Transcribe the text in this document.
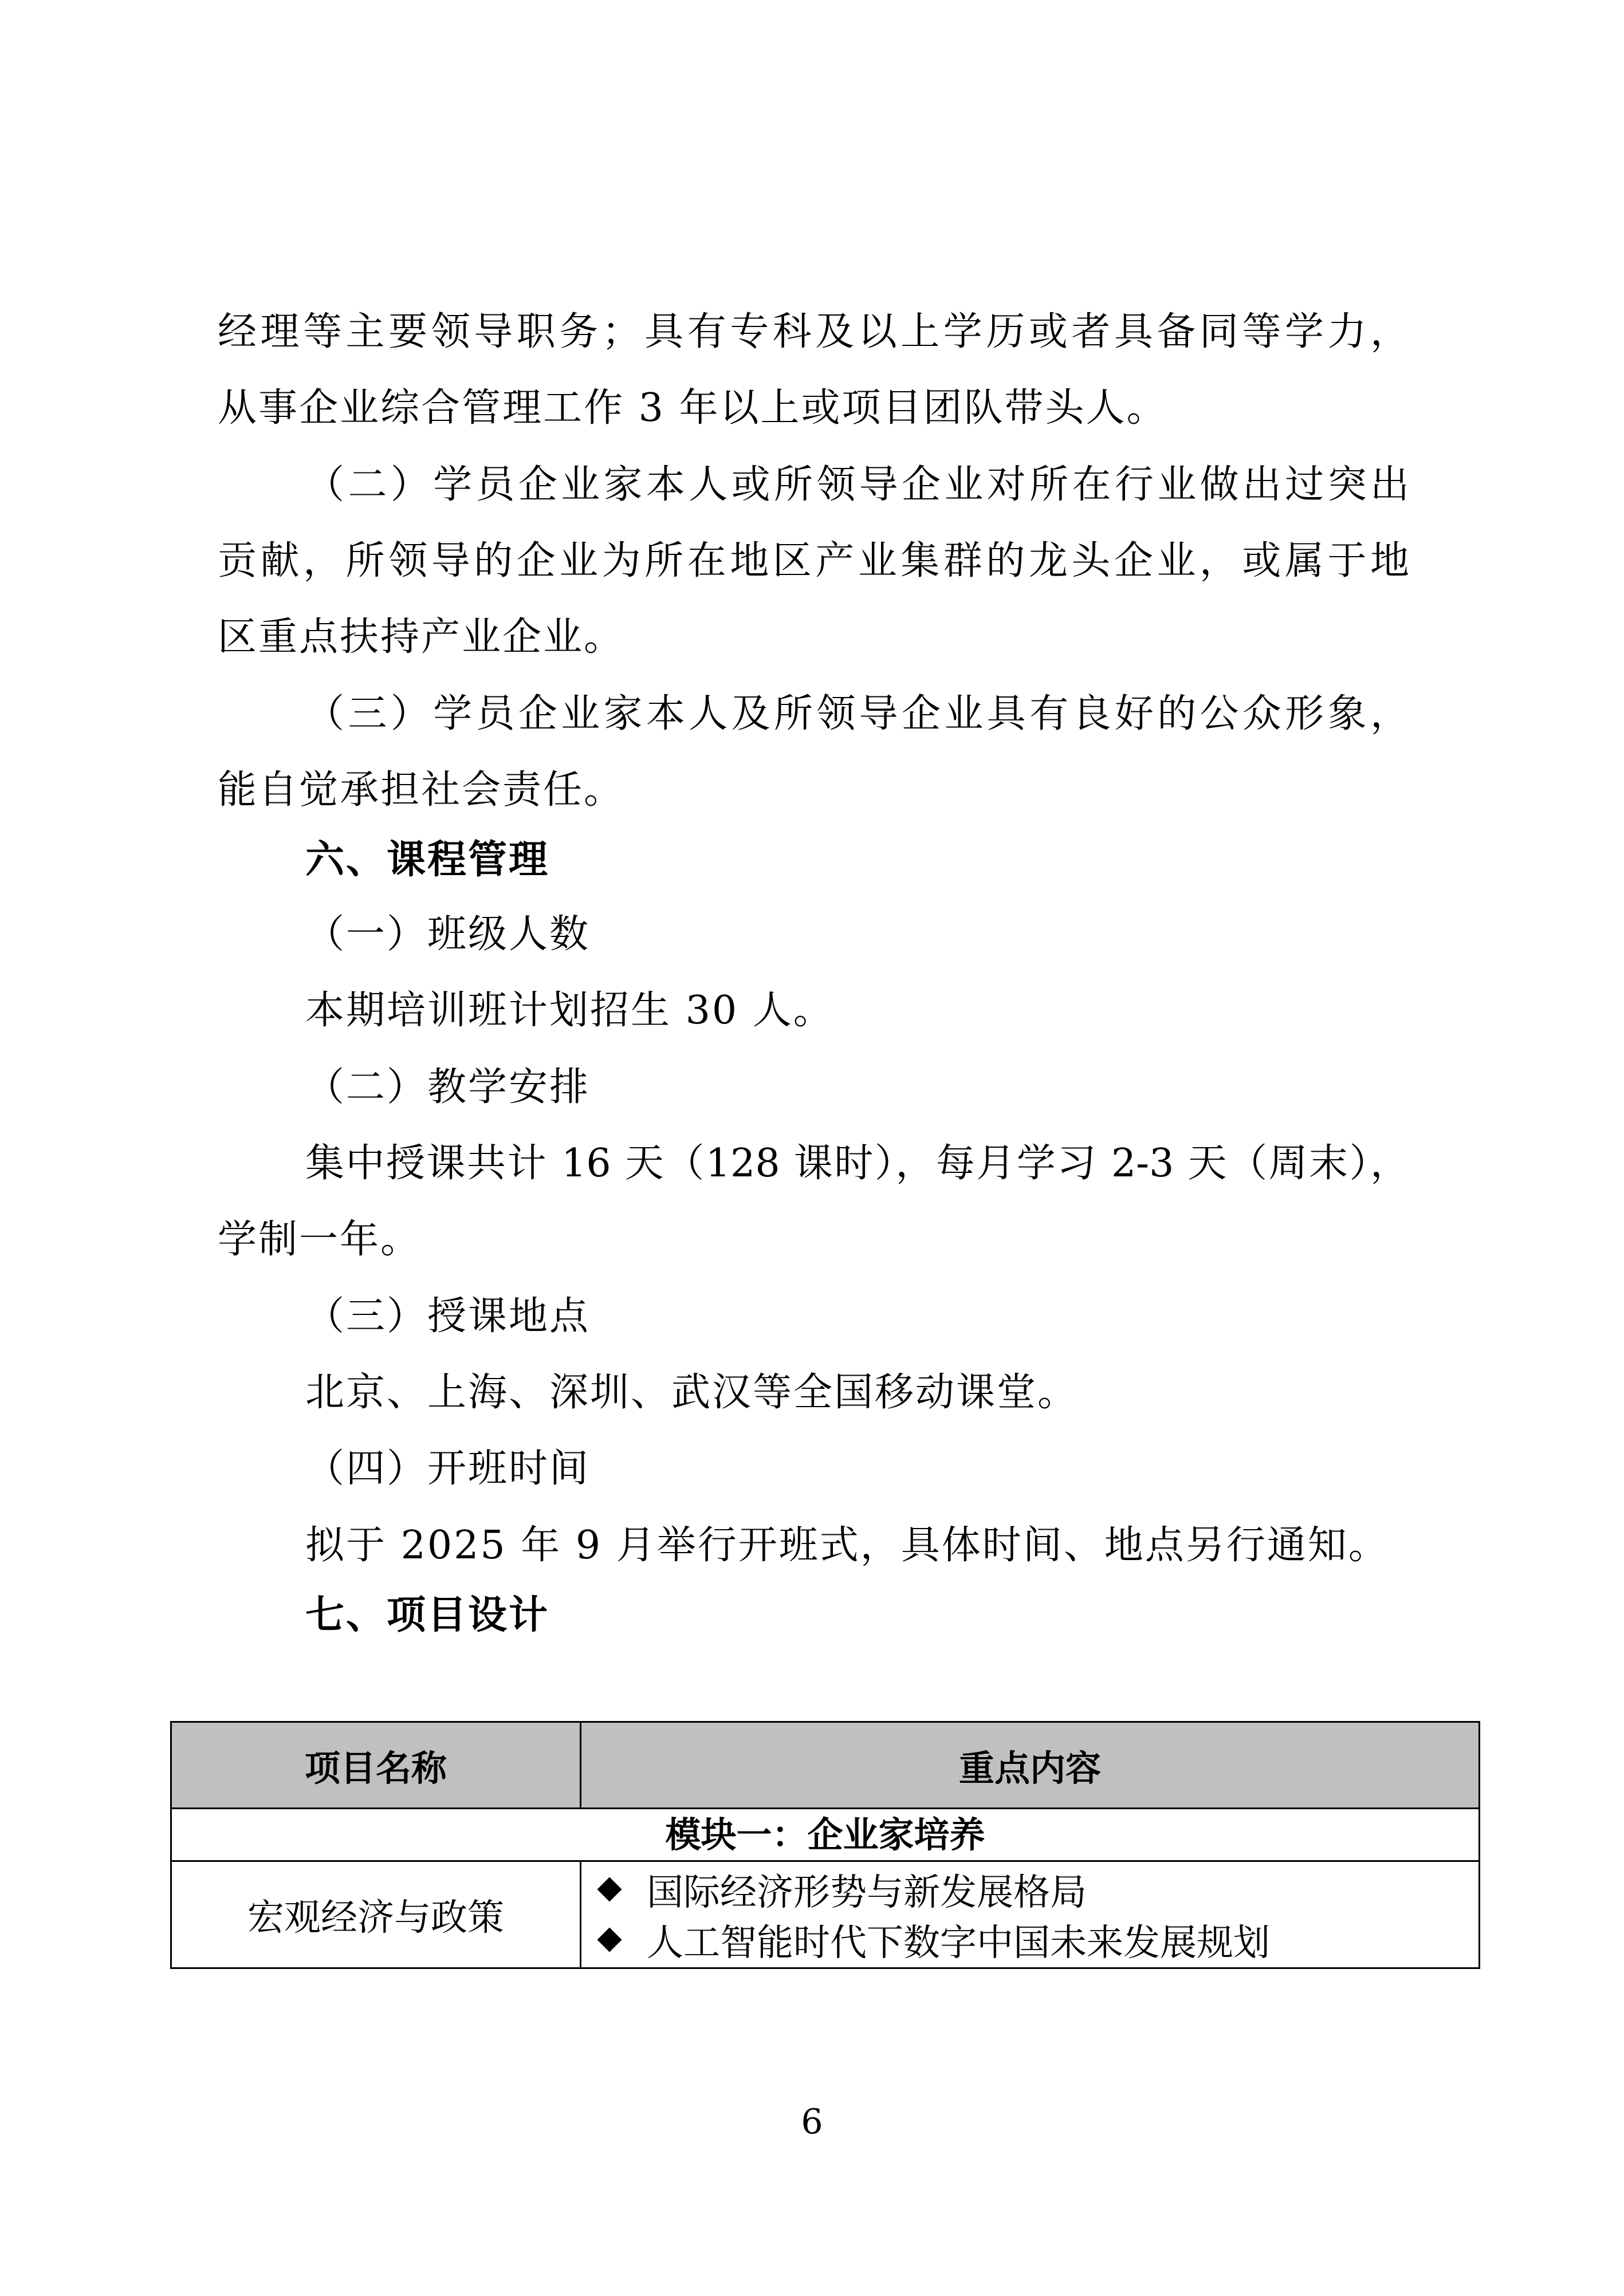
经理等主要领导职务；具有专科及以上学历或者具备同等学力，
从事企业综合管理工作 3 年以上或项目团队带头人。
（二）学员企业家本人或所领导企业对所在行业做出过突出
贡献，所领导的企业为所在地区产业集群的龙头企业，或属于地
区重点扶持产业企业。
（三）学员企业家本人及所领导企业具有良好的公众形象，
能自觉承担社会责任。
六、课程管理
（一）班级人数
本期培训班计划招生 30 人。
（二）教学安排
集中授课共计 16 天（128 课时），每月学习 2-3 天（周末），
学制一年。
（三）授课地点
北京、上海、深圳、武汉等全国移动课堂。
（四）开班时间
拟于 2025 年 9 月举行开班式，具体时间、地点另行通知。
七、项目设计
项目名称	重点内容
模块一：企业家培养	
宏观经济与政策	国际经济形势与新发展格局
人工智能时代下数字中国未来发展规划
6
